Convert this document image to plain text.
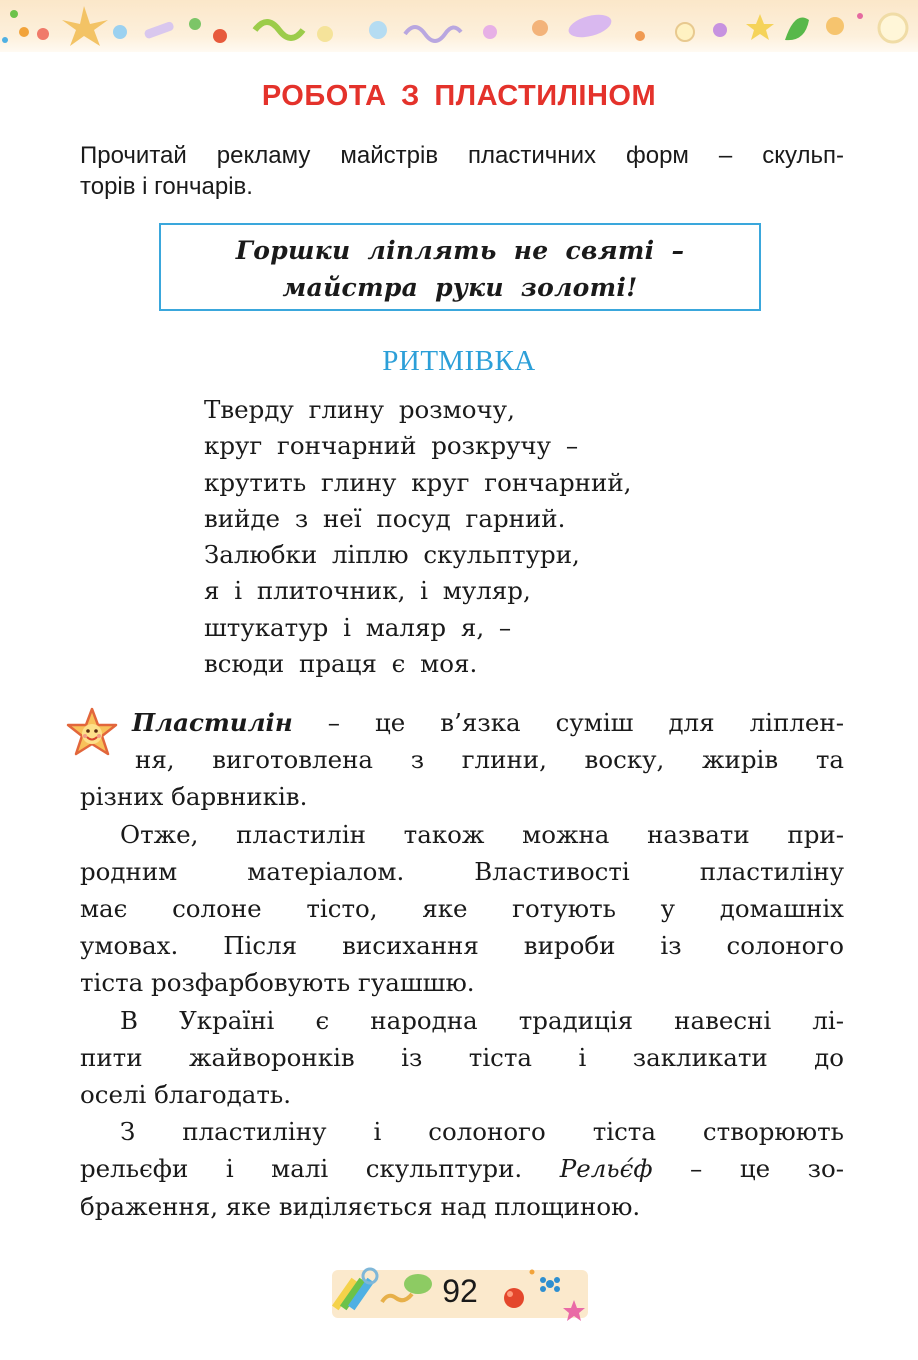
РОБОТА З ПЛАСТИЛІНОМ
Прочитай рекламу майстрів пластичних форм – скульп-
торів і гончарів.
Горшки ліплять не святі –
майстра руки золоті!
РИТМІВКА
Тверду глину розмочу,
круг гончарний розкручу –
крутить глину круг гончарний,
вийде з неї посуд гарний.
Залюбки ліплю скульптури,
я і плиточник, і муляр,
штукатур і маляр я, –
всюди праця є моя.
Пластилін – це в’язка суміш для ліплен-
ня, виготовлена з глини, воску, жирів та
різних барвників.
Отже, пластилін також можна назвати при-
родним матеріалом. Властивості пластиліну
має солоне тісто, яке готують у домашніх
умовах. Після висихання вироби із солоного
тіста розфарбовують гуашшю.
В Україні є народна традиція навесні лі-
пити жайворонків із тіста і закликати до
оселі благодать.
З пластиліну і солоного тіста створюють
рельєфи і малі скульптури. Рельє́ф – це зо-
браження, яке виділяється над площиною.
92
